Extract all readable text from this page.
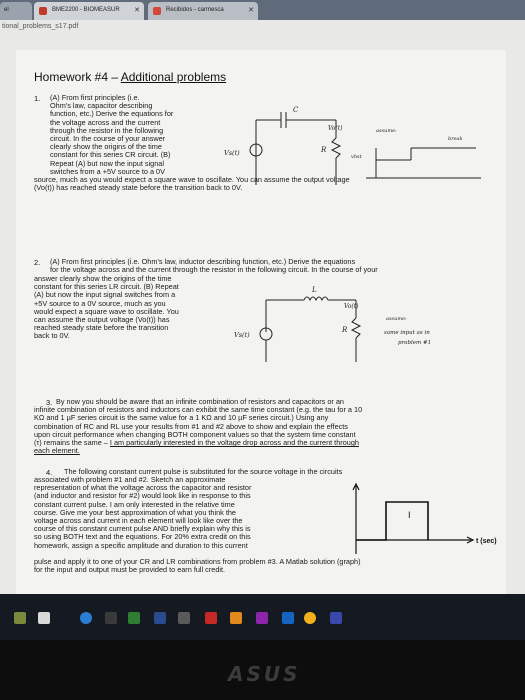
el	BME2200 - BIOMEASUR ✕	Recibidos - carmesca	✕
tional_problems_s17.pdf
Homework #4 – Additional problems
1. (A) From first principles (i.e.
Ohm's law, capacitor describing
function, etc.) Derive the equations for
the voltage across and the current
through the resistor in the following
circuit. In the course of your answer
clearly show the origins of the time
constant for this series CR circuit. (B)
Repeat (A) but now the input signal
switches from a +5V source to a 0V
source, much as you would expect a square wave to oscillate. You can assume the output voltage
(Vo(t)) has reached steady state before the transition back to 0V.
C
Vo(t)	assume:
break
Vs(t)	R
vhst
2. (A) From first principles (i.e. Ohm's law, inductor describing function, etc.) Derive the equations
for the voltage across and the current through the resistor in the following circuit. In the course of your
answer clearly show the origins of the time
constant for this series LR circuit. (B) Repeat
(A) but now the input signal switches from a
+5V source to a 0V source, much as you
would expect a square wave to oscillate. You
can assume the output voltage (Vo(t)) has
reached steady state before the transition
back to 0V.
L
Vo(t)
assume:
same input as in
problem #1
Vs(t)
R
3. By now you should be aware that an infinite combination of resistors and capacitors or an
infinite combination of resistors and inductors can exhibit the same time constant (e.g. the tau for a 10
KΩ and 1 µF series circuit is the same value for a 1 KΩ and 10 µF series circuit.) Using any
combination of RC and RL use your results from #1 and #2 above to show and explain the effects
upon circuit performance when changing BOTH component values so that the system time constant
(τ) remains the same – I am particularly interested in the voltage drop across and the current through
each element.
4. The following constant current pulse is substituted for the source voltage in the circuits
associated with problem #1 and #2. Sketch an approximate
representation of what the voltage across the capacitor and resistor
(and inductor and resistor for #2) would look like in response to this
constant current pulse. I am only interested in the relative time
course. Give me your best approximation of what you think the
voltage across and current in each element will look like over the
course of this constant current pulse AND briefly explain why this is
so using BOTH text and the equations. For 20% extra credit on this
homework, assign a specific amplitude and duration to this current
pulse and apply it to one of your CR and LR combinations from problem #3. A Matlab solution (graph)
for the input and output must be provided to earn full credit.
I
t (sec)
ASUS
